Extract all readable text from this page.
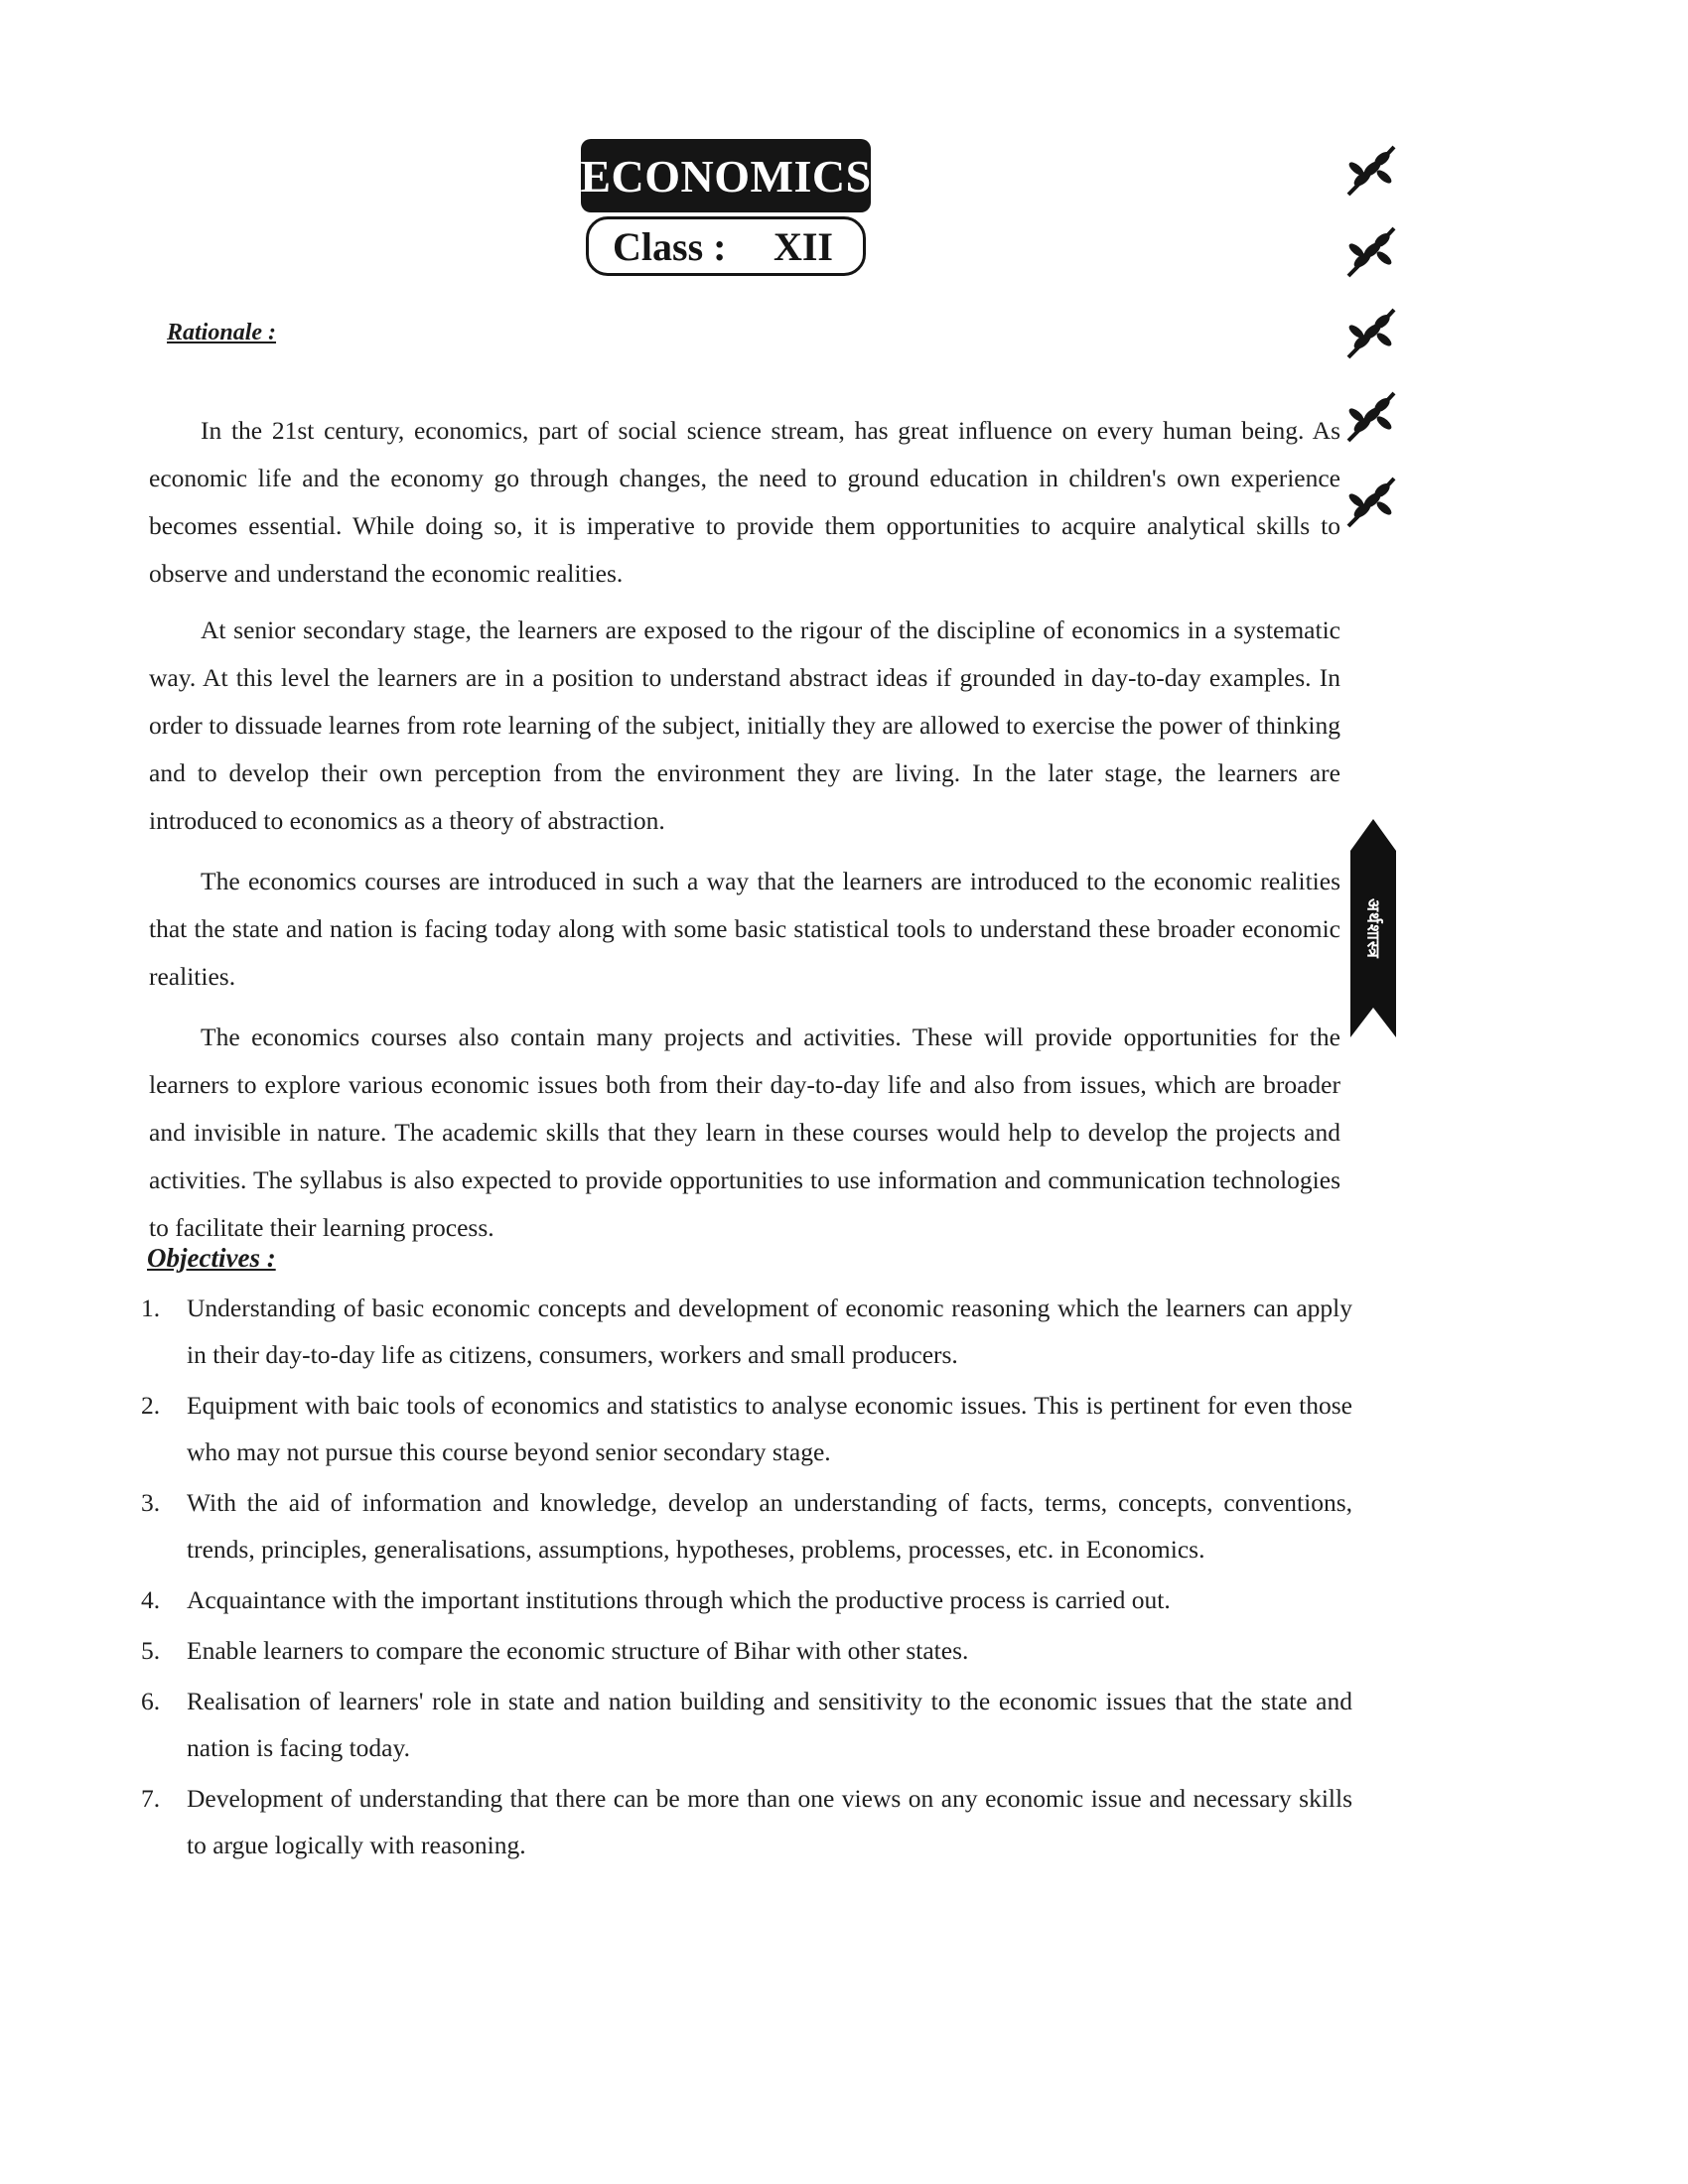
ECONOMICS
Class : XII
अर्थशास्त्र
Rationale :

In the 21st century, economics, part of social science stream, has great influence on every human being. As economic life and the economy go through changes, the need to ground education in children's own experience becomes essential. While doing so, it is imperative to provide them opportunities to acquire analytical skills to observe and understand the economic realities.

At senior secondary stage, the learners are exposed to the rigour of the discipline of economics in a systematic way. At this level the learners are in a position to understand abstract ideas if grounded in day-to-day examples. In order to dissuade learnes from rote learning of the subject, initially they are allowed to exercise the power of thinking and to develop their own perception from the environment they are living. In the later stage, the learners are introduced to economics as a theory of abstraction.

The economics courses are introduced in such a way that the learners are introduced to the economic realities that the state and nation is facing today along with some basic statistical tools to understand these broader economic realities.

The economics courses also contain many projects and activities. These will provide opportunities for the learners to explore various economic issues both from their day-to-day life and also from issues, which are broader and invisible in nature. The academic skills that they learn in these courses would help to develop the projects and activities. The syllabus is also expected to provide opportunities to use information and communication technologies to facilitate their learning process.

Objectives :
1.	Understanding of basic economic concepts and development of economic reasoning which the learners can apply in their day-to-day life as citizens, consumers, workers and small producers.
2.	Equipment with baic tools of economics and statistics to analyse economic issues. This is pertinent for even those who may not pursue this course beyond senior secondary stage.
3.	With the aid of information and knowledge, develop an understanding of facts, terms, concepts, conventions, trends, principles, generalisations, assumptions, hypotheses, problems, processes, etc. in Economics.
4.	Acquaintance with the important institutions through which the productive process is carried out.
5.	Enable learners to compare the economic structure of Bihar with other states.
6.	Realisation of learners' role in state and nation building and sensitivity to the economic issues that the state and nation is facing today.
7.	Development of understanding that there can be more than one views on any economic issue and necessary skills to argue logically with reasoning.
